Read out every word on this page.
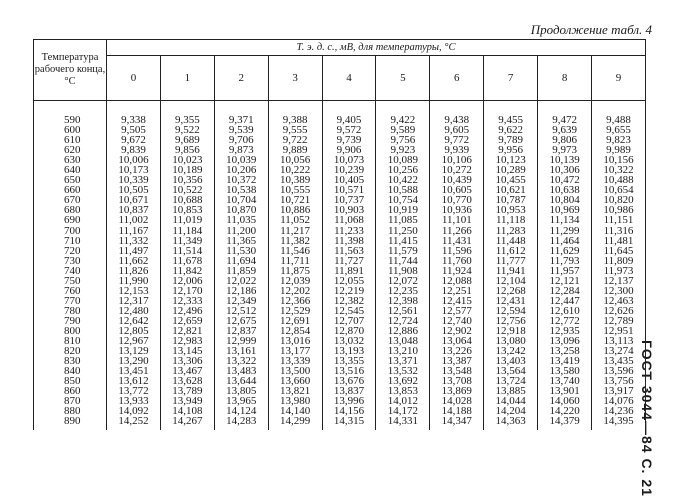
Продолжение табл. 4
ГОСТ 3044—84 С. 21
Температура рабочего конца, °С	Т. э. д. с., мВ, для температуры, °С									
	0	1	2	3	4	5	6	7	8	9
590	9,338	9,355	9,371	9,388	9,405	9,422	9,438	9,455	9,472	9,488
600	9,505	9,522	9,539	9,555	9,572	9,589	9,605	9,622	9,639	9,655
610	9,672	9,689	9,706	9,722	9,739	9,756	9,772	9,789	9,806	9,823
620	9,839	9,856	9,873	9,889	9,906	9,923	9,939	9,956	9,973	9,989
630	10,006	10,023	10,039	10,056	10,073	10,089	10,106	10,123	10,139	10,156
640	10,173	10,189	10,206	10,222	10,239	10,256	10,272	10,289	10,306	10,322
650	10,339	10,356	10,372	10,389	10,405	10,422	10,439	10,455	10,472	10,488
660	10,505	10,522	10,538	10,555	10,571	10,588	10,605	10,621	10,638	10,654
670	10,671	10,688	10,704	10,721	10,737	10,754	10,770	10,787	10,804	10,820
680	10,837	10,853	10,870	10,886	10,903	10,919	10,936	10,953	10,969	10,986
690	11,002	11,019	11,035	11,052	11,068	11,085	11,101	11,118	11,134	11,151
700	11,167	11,184	11,200	11,217	11,233	11,250	11,266	11,283	11,299	11,316
710	11,332	11,349	11,365	11,382	11,398	11,415	11,431	11,448	11,464	11,481
720	11,497	11,514	11,530	11,546	11,563	11,579	11,596	11,612	11,629	11,645
730	11,662	11,678	11,694	11,711	11,727	11,744	11,760	11,777	11,793	11,809
740	11,826	11,842	11,859	11,875	11,891	11,908	11,924	11,941	11,957	11,973
750	11,990	12,006	12,022	12,039	12,055	12,072	12,088	12,104	12,121	12,137
760	12,153	12,170	12,186	12,202	12,219	12,235	12,251	12,268	12,284	12,300
770	12,317	12,333	12,349	12,366	12,382	12,398	12,415	12,431	12,447	12,463
780	12,480	12,496	12,512	12,529	12,545	12,561	12,577	12,594	12,610	12,626
790	12,642	12,659	12,675	12,691	12,707	12,724	12,740	12,756	12,772	12,789
800	12,805	12,821	12,837	12,854	12,870	12,886	12,902	12,918	12,935	12,951
810	12,967	12,983	12,999	13,016	13,032	13,048	13,064	13,080	13,096	13,113
820	13,129	13,145	13,161	13,177	13,193	13,210	13,226	13,242	13,258	13,274
830	13,290	13,306	13,322	13,339	13,355	13,371	13,387	13,403	13,419	13,435
840	13,451	13,467	13,483	13,500	13,516	13,532	13,548	13,564	13,580	13,596
850	13,612	13,628	13,644	13,660	13,676	13,692	13,708	13,724	13,740	13,756
860	13,772	13,789	13,805	13,821	13,837	13,853	13,869	13,885	13,901	13,917
870	13,933	13,949	13,965	13,980	13,996	14,012	14,028	14,044	14,060	14,076
880	14,092	14,108	14,124	14,140	14,156	14,172	14,188	14,204	14,220	14,236
890	14,252	14,267	14,283	14,299	14,315	14,331	14,347	14,363	14,379	14,395
